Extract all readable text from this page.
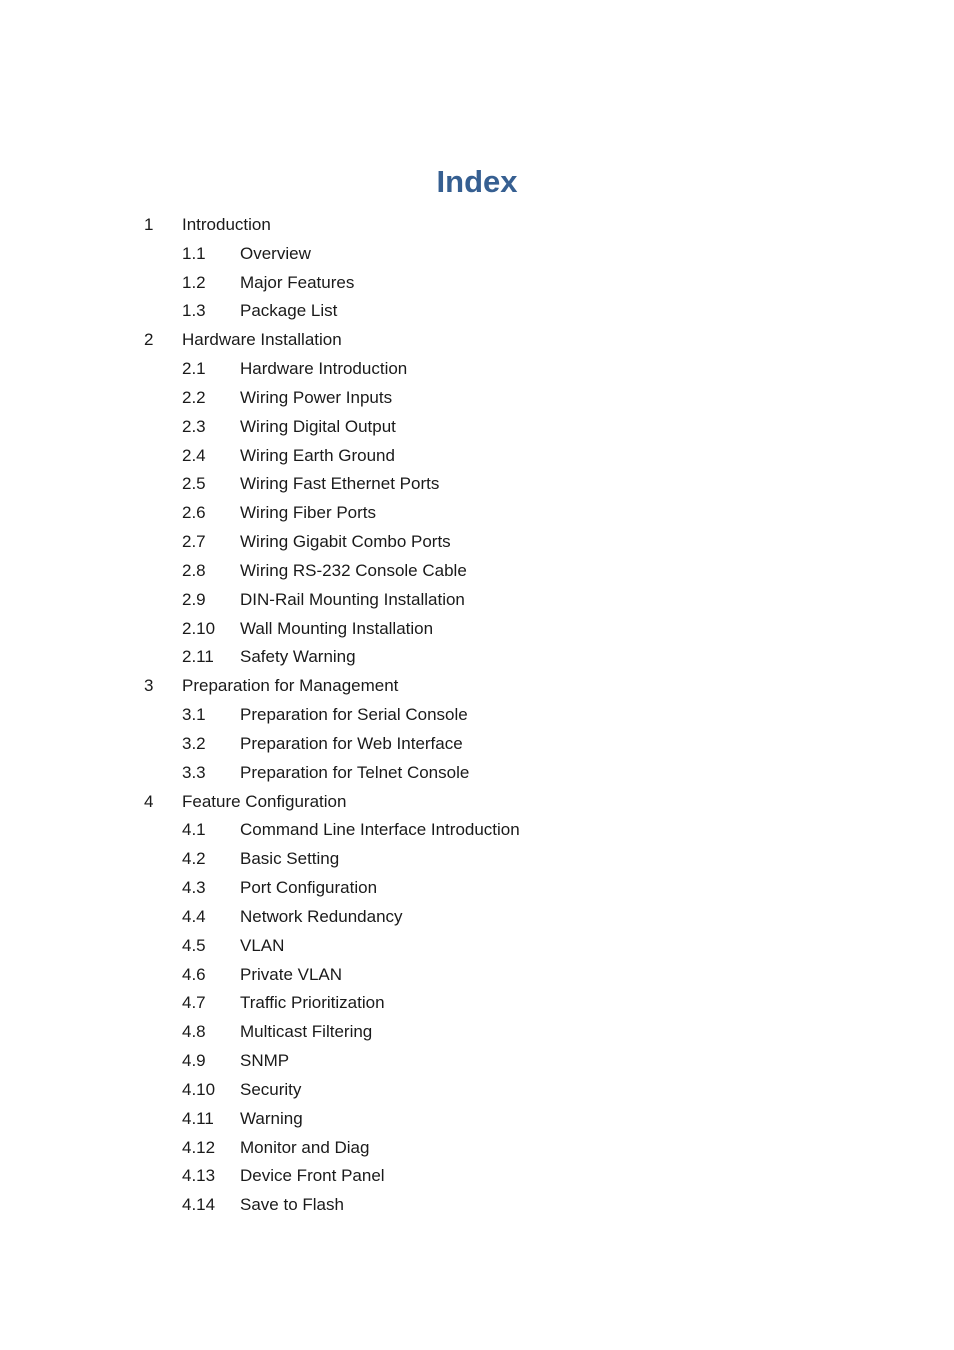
Index
1 Introduction
1.1 Overview
1.2 Major Features
1.3 Package List
2 Hardware Installation
2.1 Hardware Introduction
2.2 Wiring Power Inputs
2.3 Wiring Digital Output
2.4 Wiring Earth Ground
2.5 Wiring Fast Ethernet Ports
2.6 Wiring Fiber Ports
2.7 Wiring Gigabit Combo Ports
2.8 Wiring RS-232 Console Cable
2.9 DIN-Rail Mounting Installation
2.10 Wall Mounting Installation
2.11 Safety Warning
3 Preparation for Management
3.1 Preparation for Serial Console
3.2 Preparation for Web Interface
3.3 Preparation for Telnet Console
4 Feature Configuration
4.1 Command Line Interface Introduction
4.2 Basic Setting
4.3 Port Configuration
4.4 Network Redundancy
4.5 VLAN
4.6 Private VLAN
4.7 Traffic Prioritization
4.8 Multicast Filtering
4.9 SNMP
4.10 Security
4.11 Warning
4.12 Monitor and Diag
4.13 Device Front Panel
4.14 Save to Flash
